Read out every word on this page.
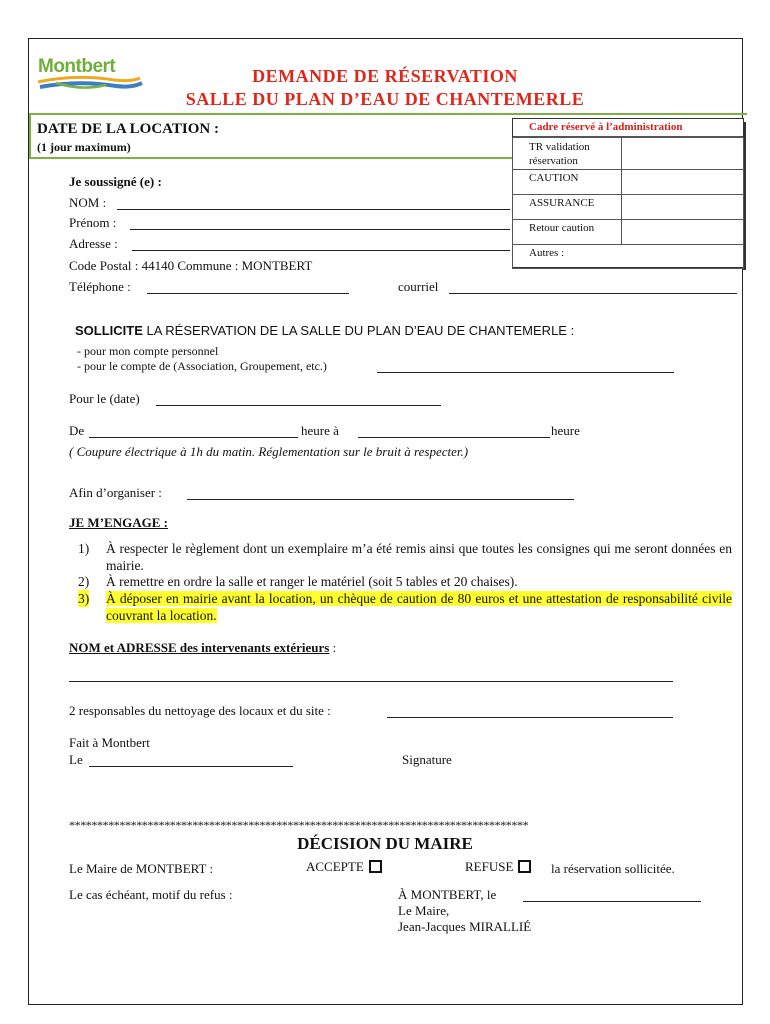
Montbert	DEMANDE DE RÉSERVATION
SALLE DU PLAN D’EAU DE CHANTEMERLE
DATE DE LA LOCATION :
(1 jour maximum)
Cadre réservé à l’administration
TR validation réservation	
CAUTION	
ASSURANCE	
Retour caution	
Autres :	
Je soussigné (e) :
NOM :
Prénom :
Adresse :
Code Postal : 44140 Commune : MONTBERT
Téléphone :	courriel
SOLLICITE LA RÉSERVATION DE LA SALLE DU PLAN D’EAU DE CHANTEMERLE :
- pour mon compte personnel
- pour le compte de (Association, Groupement, etc.)
Pour le (date)
De	heure à	heure
( Coupure électrique à 1h du matin. Réglementation sur le bruit à respecter.)
Afin d’organiser :
JE M’ENGAGE :
1) À respecter le règlement dont un exemplaire m’a été remis ainsi que toutes les consignes qui me seront données en mairie.
2) À remettre en ordre la salle et ranger le matériel (soit 5 tables et 20 chaises).
3) À déposer en mairie avant la location, un chèque de caution de 80 euros et une attestation de responsabilité civile couvrant la location.
NOM et ADRESSE des intervenants extérieurs :
2 responsables du nettoyage des locaux et du site :
Fait à Montbert
Le	Signature
**********************************************************************************
DÉCISION DU MAIRE
Le Maire de MONTBERT :	ACCEPTE	REFUSE	la réservation sollicitée.
Le cas échéant, motif du refus :	À MONTBERT, le
Le Maire,
Jean-Jacques MIRALLIÉ
